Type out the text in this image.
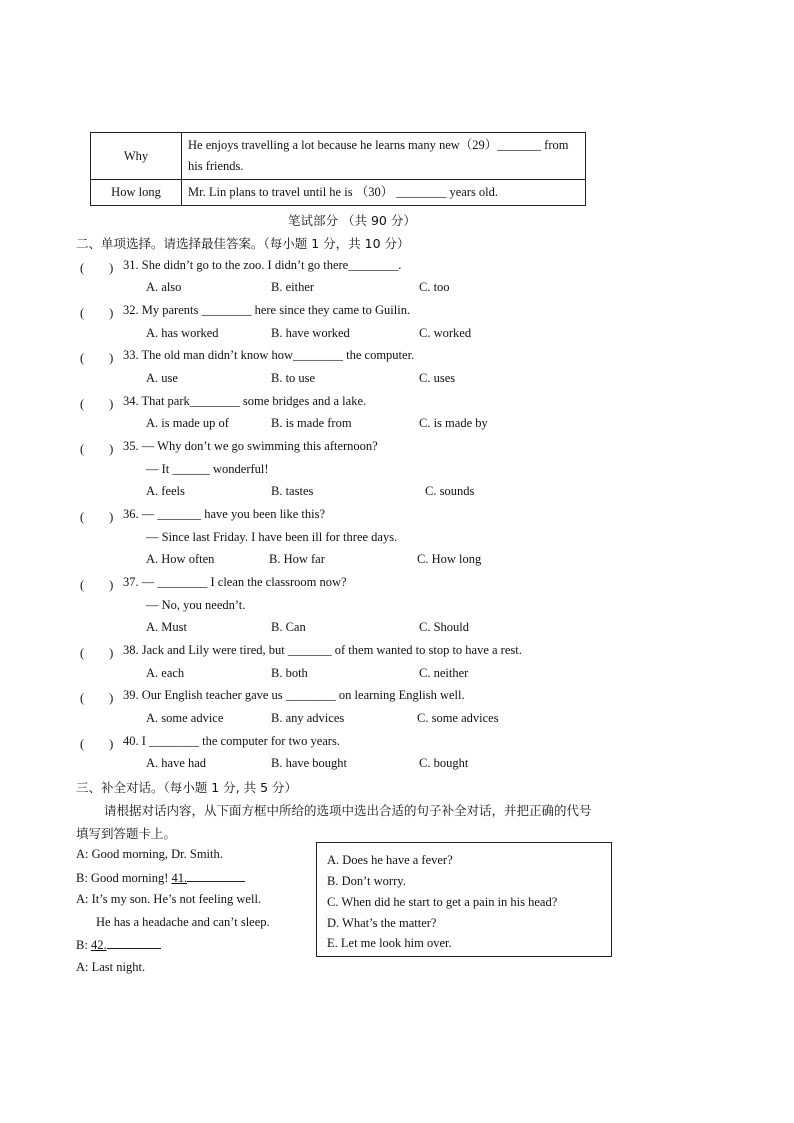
Why	He enjoys travelling a lot because he learns many new（29）_______ from his friends.
How long	Mr. Lin plans to travel until he is （30） ________ years old.
笔试部分 （共 90 分）
二、单项选择。请选择最佳答案。（每小题 1 分，共 10 分）
(　　) 31. She didn’t go to the zoo. I didn’t go there________.
A. also	B. either	C. too
(　　) 32. My parents ________ here since they came to Guilin.
A. has worked	B. have worked	C. worked
(　　) 33. The old man didn’t know how________ the computer.
A. use	B. to use	C. uses
(　　) 34. That park________ some bridges and a lake.
A. is made up of	B. is made from	C. is made by
(　　) 35. — Why don’t we go swimming this afternoon?
— It ______ wonderful!
A. feels	B. tastes	C. sounds
(　　) 36. — _______ have you been like this?
— Since last Friday. I have been ill for three days.
A. How often	B. How far	C. How long
(　　) 37. — ________ I clean the classroom now?
— No, you needn’t.
A. Must	B. Can	C. Should
(　　) 38. Jack and Lily were tired, but _______ of them wanted to stop to have a rest.
A. each	B. both	C. neither
(　　) 39. Our English teacher gave us ________ on learning English well.
A. some advice	B. any advices	C. some advices
(　　) 40. I ________ the computer for two years.
A. have had	B. have bought	C. bought
三、补全对话。（每小题 1 分, 共 5 分）
请根据对话内容，从下面方框中所给的选项中选出合适的句子补全对话，并把正确的代号
填写到答题卡上。
A: Good morning, Dr. Smith.
B: Good morning! 41.
A: It’s my son. He’s not feeling well.
He has a headache and can’t sleep.
B: 42.
A: Last night.
A. Does he have a fever?
B. Don’t worry.
C. When did he start to get a pain in his head?
D. What’s the matter?
E. Let me look him over.
